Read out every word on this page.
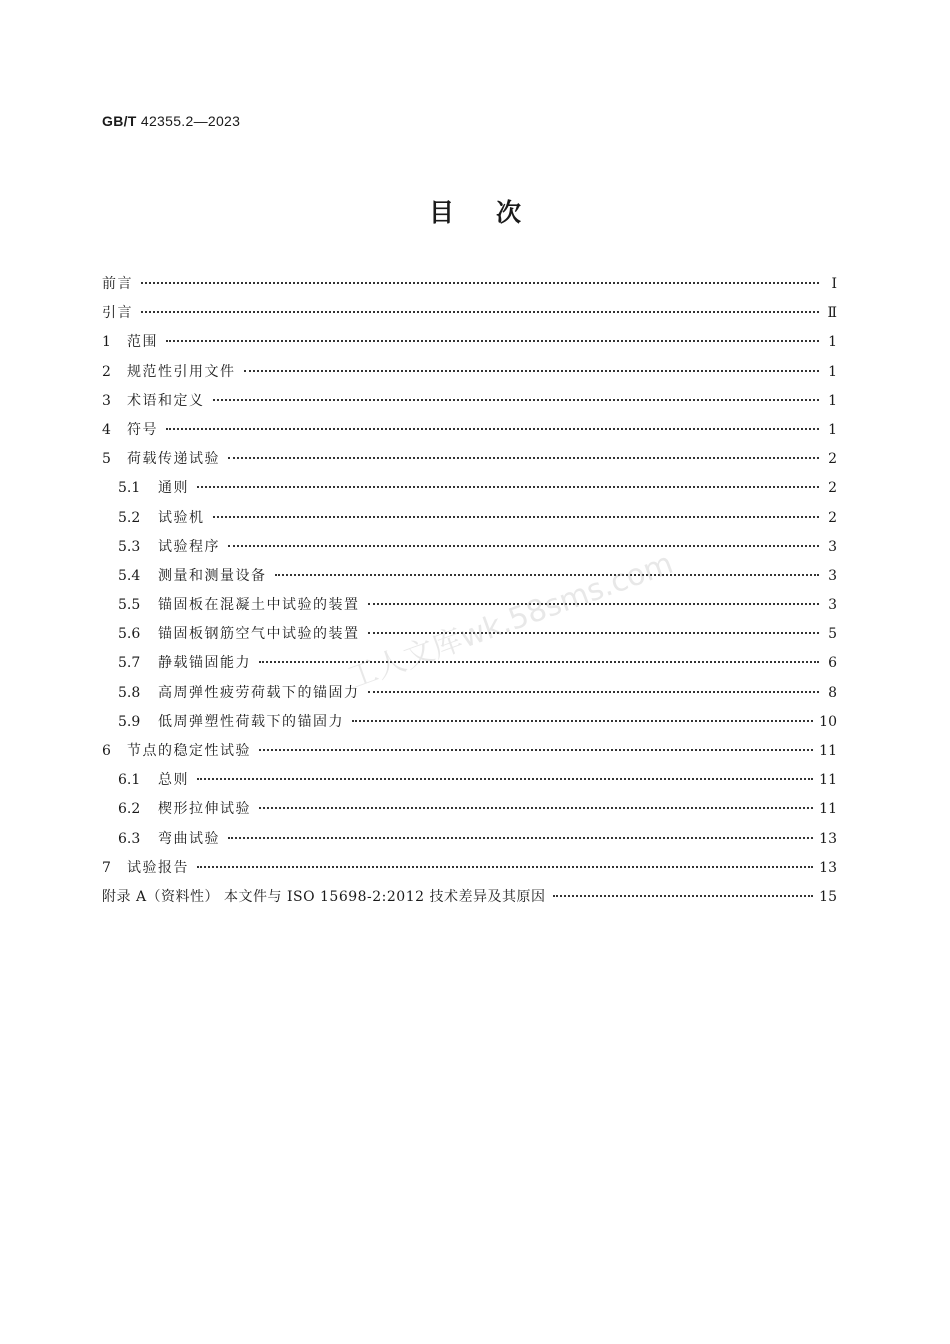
GB/T 42355.2—2023
目次
前言	Ⅰ
引言	Ⅱ
1	范围	1
2	规范性引用文件	1
3	术语和定义	1
4	符号	1
5	荷载传递试验	2
5.1	通则	2
5.2	试验机	2
5.3	试验程序	3
5.4	测量和测量设备	3
5.5	锚固板在混凝土中试验的装置	3
5.6	锚固板钢筋空气中试验的装置	5
5.7	静载锚固能力	6
5.8	高周弹性疲劳荷载下的锚固力	8
5.9	低周弹塑性荷载下的锚固力	10
6	节点的稳定性试验	11
6.1	总则	11
6.2	楔形拉伸试验	11
6.3	弯曲试验	13
7	试验报告	13
附录 A（资料性） 本文件与 ISO 15698-2:2012 技术差异及其原因	15
工人文库wk.58sms.com
